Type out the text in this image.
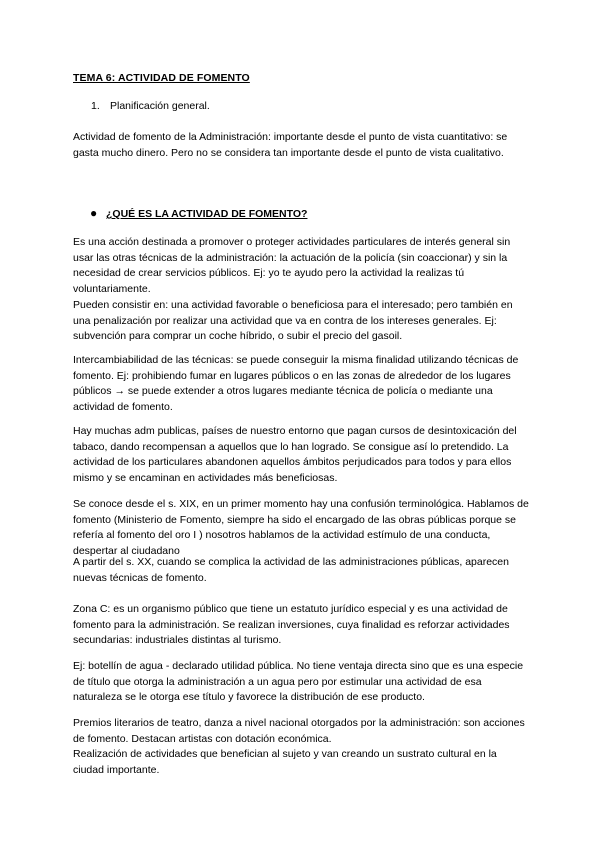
TEMA 6: ACTIVIDAD DE FOMENTO
1. Planificación general.

Actividad de fomento de la Administración: importante desde el punto de vista cuantitativo: se gasta mucho dinero. Pero no se considera tan importante desde el punto de vista cualitativo.

● ¿QUÉ ES LA ACTIVIDAD DE FOMENTO?

Es una acción destinada a promover o proteger actividades particulares de interés general sin usar las otras técnicas de la administración: la actuación de la policía (sin coaccionar) y sin la necesidad de crear servicios públicos. Ej: yo te ayudo pero la actividad la realizas tú voluntariamente.

Pueden consistir en: una actividad favorable o beneficiosa para el interesado; pero también en una penalización por realizar una actividad que va en contra de los intereses generales. Ej: subvención para comprar un coche híbrido, o subir el precio del gasoil.

Intercambiabilidad de las técnicas: se puede conseguir la misma finalidad utilizando técnicas de fomento. Ej: prohibiendo fumar en lugares públicos o en las zonas de alrededor de los lugares públicos → se puede extender a otros lugares mediante técnica de policía o mediante una actividad de fomento.

Hay muchas adm publicas, países de nuestro entorno que pagan cursos de desintoxicación del tabaco, dando recompensan a aquellos que lo han logrado. Se consigue así lo pretendido. La actividad de los particulares abandonen aquellos ámbitos perjudicados para todos y para ellos mismo y se encaminan en actividades más beneficiosas.

Se conoce desde el s. XIX, en un primer momento hay una confusión terminológica. Hablamos de fomento (Ministerio de Fomento, siempre ha sido el encargado de las obras públicas porque se refería al fomento del oro I ) nosotros hablamos de la actividad estímulo de una conducta, despertar al ciudadano

A partir del s. XX, cuando se complica la actividad de las administraciones públicas, aparecen nuevas técnicas de fomento.

Zona C: es un organismo público que tiene un estatuto jurídico especial y es una actividad de fomento para la administración. Se realizan inversiones, cuya finalidad es reforzar actividades secundarias: industriales distintas al turismo.

Ej: botellín de agua - declarado utilidad pública. No tiene ventaja directa sino que es una especie de título que otorga la administración a un agua pero por estimular una actividad de esa naturaleza se le otorga ese título y favorece la distribución de ese producto.

Premios literarios de teatro, danza a nivel nacional otorgados por la administración: son acciones de fomento. Destacan artistas con dotación económica.

Realización de actividades que benefician al sujeto y van creando un sustrato cultural en la ciudad importante.
